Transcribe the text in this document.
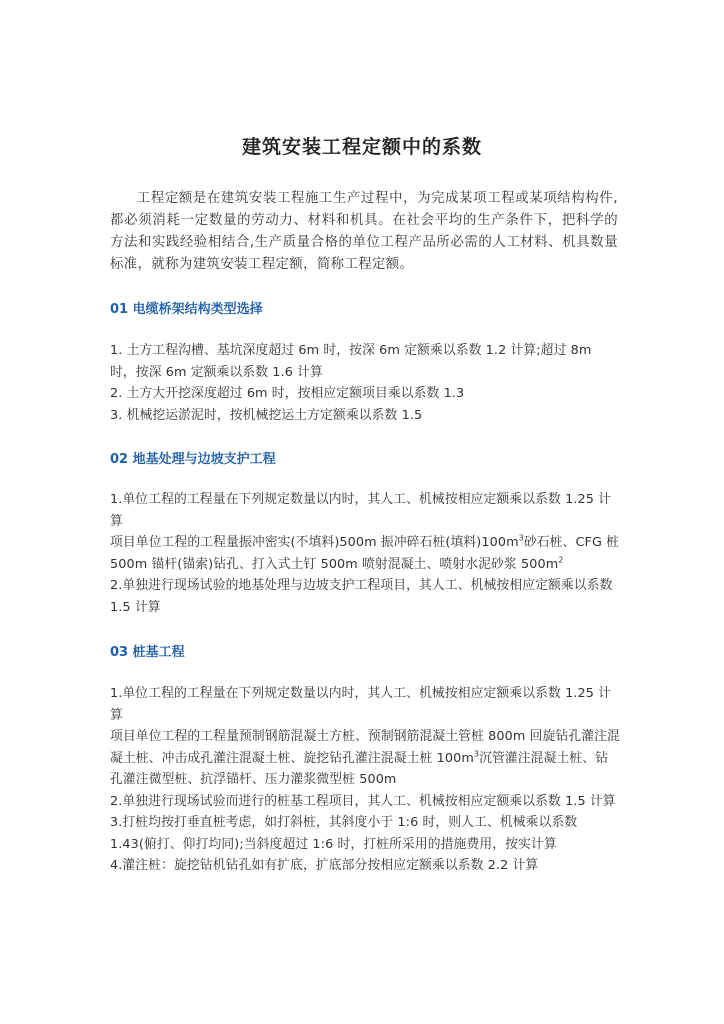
建筑安装工程定额中的系数
工程定额是在建筑安装工程施工生产过程中，为完成某项工程或某项结构构件,都必须消耗一定数量的劳动力、材料和机具。在社会平均的生产条件下，把科学的方法和实践经验相结合,生产质量合格的单位工程产品所必需的人工材料、机具数量标准，就称为建筑安装工程定额，简称工程定额。
01 电缆桥架结构类型选择

1. 土方工程沟槽、基坑深度超过 6m 时，按深 6m 定额乘以系数 1.2 计算;超过 8m 时，按深 6m 定额乘以系数 1.6 计算

2. 土方大开挖深度超过 6m 时，按相应定额项目乘以系数 1.3

3. 机械挖运淤泥时，按机械挖运土方定额乘以系数 1.5

02 地基处理与边坡支护工程

1.单位工程的工程量在下列规定数量以内时，其人工、机械按相应定额乘以系数 1.25 计算

项目单位工程的工程量振冲密实(不填料)500m 振冲碎石桩(填料)$100m^3$砂石桩、CFG 桩 500m 锚杆(锚索)钻孔、打入式土钉 500m 喷射混凝土、喷射水泥砂浆 $500m^2$

2.单独进行现场试验的地基处理与边坡支护工程项目，其人工、机械按相应定额乘以系数 1.5 计算

03 桩基工程

1.单位工程的工程量在下列规定数量以内时，其人工、机械按相应定额乘以系数 1.25 计算

项目单位工程的工程量预制钢筋混凝土方桩、预制钢筋混凝土管桩 800m 回旋钻孔灌注混凝土桩、冲击成孔灌注混凝土桩、旋挖钻孔灌注混凝土桩 $100m^3$沉管灌注混凝土桩、钻孔灌注微型桩、抗浮锚杆、压力灌浆微型桩 500m

2.单独进行现场试验而进行的桩基工程项目，其人工、机械按相应定额乘以系数 1.5 计算

3.打桩均按打垂直桩考虑，如打斜桩，其斜度小于 1:6 时，则人工、机械乘以系数 1.43(俯打、仰打均同);当斜度超过 1:6 时，打桩所采用的措施费用，按实计算

4.灌注桩：旋挖钻机钻孔如有扩底，扩底部分按相应定额乘以系数 2.2 计算
